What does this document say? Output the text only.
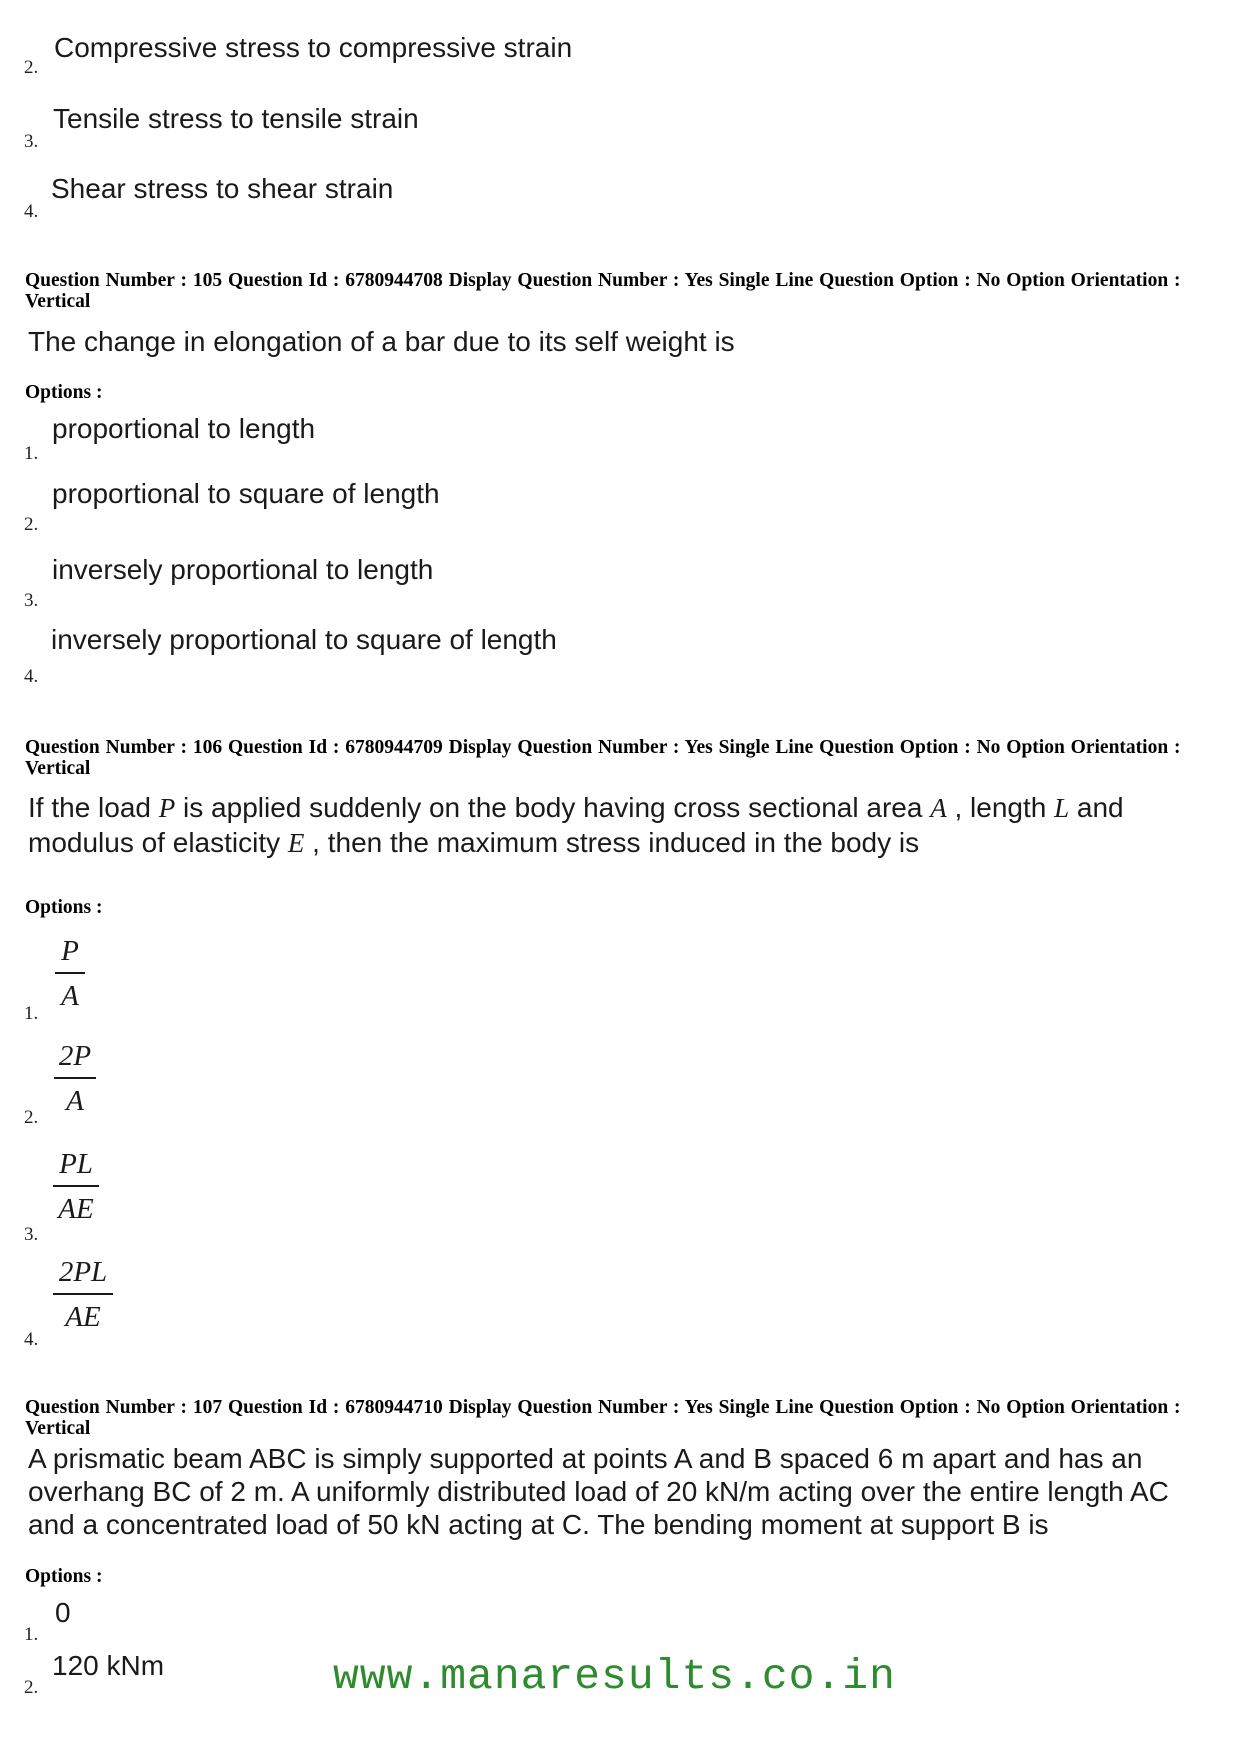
2.
Compressive stress to compressive strain
3.
Tensile stress to tensile strain
4.
Shear stress to shear strain
Question Number : 105 Question Id : 6780944708 Display Question Number : Yes Single Line Question Option : No Option Orientation : Vertical
The change in elongation of a bar due to its self weight is
Options :
1.
proportional to length
2.
proportional to square of length
3.
inversely proportional to length
4.
inversely proportional to square of length
Question Number : 106 Question Id : 6780944709 Display Question Number : Yes Single Line Question Option : No Option Orientation : Vertical
If the load P is applied suddenly on the body having cross sectional area A , length L and
modulus of elasticity E , then the maximum stress induced in the body is
Options :
1.
P
A
2.
2P
A
3.
PL
AE
4.
2PL
AE
Question Number : 107 Question Id : 6780944710 Display Question Number : Yes Single Line Question Option : No Option Orientation : Vertical
A prismatic beam ABC is simply supported at points A and B spaced 6 m apart and has an
overhang BC of 2 m. A uniformly distributed load of 20 kN/m acting over the entire length AC
and a concentrated load of 50 kN acting at C. The bending moment at support B is
Options :
1.
0
2.
120 kNm	www.manaresults.co.in
